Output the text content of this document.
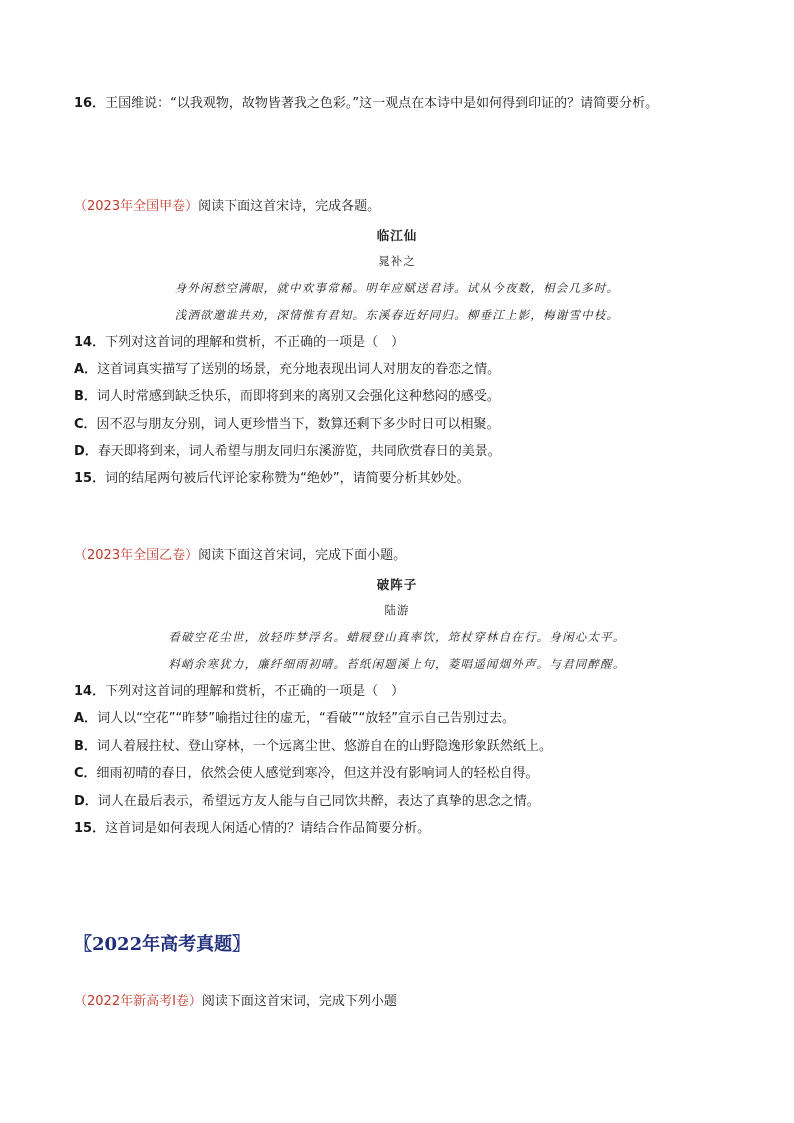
16．王国维说：“以我观物，故物皆著我之色彩。”这一观点在本诗中是如何得到印证的？请简要分析。
（2023年全国甲卷）阅读下面这首宋诗，完成各题。
临江仙
晁补之
身外闲愁空满眼，就中欢事常稀。明年应赋送君诗。试从今夜数，相会几多时。
浅酒欲邀谁共劝，深情惟有君知。东溪春近好同归。柳垂江上影，梅谢雪中枝。
14．下列对这首词的理解和赏析，不正确的一项是（　）
A．这首词真实描写了送别的场景，充分地表现出词人对朋友的眷恋之情。
B．词人时常感到缺乏快乐，而即将到来的离别又会强化这种愁闷的感受。
C．因不忍与朋友分别，词人更珍惜当下，数算还剩下多少时日可以相聚。
D．春天即将到来，词人希望与朋友同归东溪游览，共同欣赏春日的美景。
15．词的结尾两句被后代评论家称赞为“绝妙”，请简要分析其妙处。
（2023年全国乙卷）阅读下面这首宋词，完成下面小题。
破阵子
陆游
看破空花尘世，放轻昨梦浮名。蜡屐登山真率饮，筇杖穿林自在行。身闲心太平。
料峭余寒犹力，廉纤细雨初晴。苔纸闲题溪上句，菱唱遥闻烟外声。与君同醉醒。
14．下列对这首词的理解和赏析，不正确的一项是（　）
A．词人以“空花”“昨梦”喻指过往的虚无，“看破”“放轻”宣示自己告别过去。
B．词人着屐拄杖、登山穿林，一个远离尘世、悠游自在的山野隐逸形象跃然纸上。
C．细雨初晴的春日，依然会使人感觉到寒冷，但这并没有影响词人的轻松自得。
D．词人在最后表示，希望远方友人能与自己同饮共醉，表达了真挚的思念之情。
15．这首词是如何表现人闲适心情的？请结合作品简要分析。
〖2022年高考真题〗
（2022年新高考Ⅰ卷）阅读下面这首宋词，完成下列小题
